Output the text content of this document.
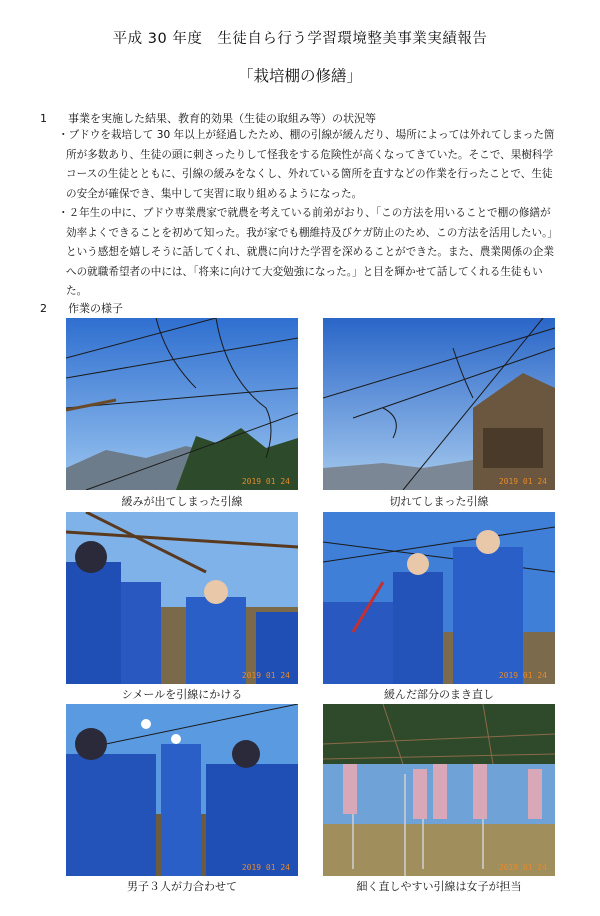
平成 30 年度　生徒自ら行う学習環境整美事業実績報告
「栽培棚の修繕」
1 事業を実施した結果、教育的効果（生徒の取組み等）の状況等
・ブドウを栽培して 30 年以上が経過したため、棚の引線が緩んだり、場所によっては外れてしまった箇所が多数あり、生徒の頭に刺さったりして怪我をする危険性が高くなってきていた。そこで、果樹科学コースの生徒とともに、引線の緩みをなくし、外れている箇所を直すなどの作業を行ったことで、生徒の安全が確保でき、集中して実習に取り組めるようになった。
・２年生の中に、ブドウ専業農家で就農を考えている前弟がおり、「この方法を用いることで棚の修繕が効率よくできることを初めて知った。我が家でも棚維持及びケガ防止のため、この方法を活用したい。」という感想を嬉しそうに話してくれ、就農に向けた学習を深めることができた。また、農業関係の企業への就職希望者の中には、「将来に向けて大変勉強になった。」と目を輝かせて話してくれる生徒もいた。
2 作業の様子
2019 01 24
緩みが出てしまった引線
2019 01 24
切れてしまった引線
2019 01 24
シメールを引線にかける
2019 01 24
緩んだ部分のまき直し
2019 01 24
男子３人が力合わせて
2019 01 24
細く直しやすい引線は女子が担当
